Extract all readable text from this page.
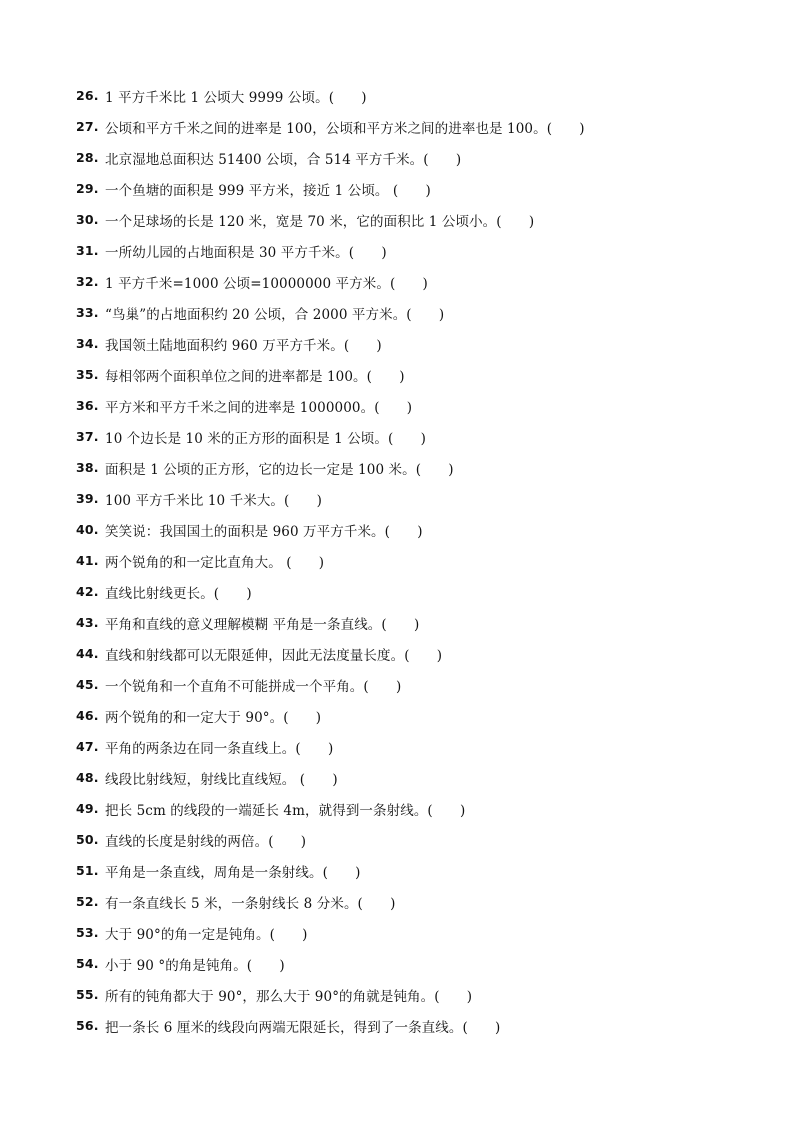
26. 1 平方千米比 1 公顷大 9999 公顷。(　　)
27. 公顷和平方千米之间的进率是 100，公顷和平方米之间的进率也是 100。(　　)
28. 北京湿地总面积达 51400 公顷，合 514 平方千米。(　　)
29. 一个鱼塘的面积是 999 平方米，接近 1 公顷。 (　　)
30. 一个足球场的长是 120 米，宽是 70 米，它的面积比 1 公顷小。(　　)
31. 一所幼儿园的占地面积是 30 平方千米。(　　)
32. 1 平方千米=1000 公顷=10000000 平方米。(　　)
33. “鸟巢”的占地面积约 20 公顷，合 2000 平方米。(　　)
34. 我国领土陆地面积约 960 万平方千米。(　　)
35. 每相邻两个面积单位之间的进率都是 100。(　　)
36. 平方米和平方千米之间的进率是 1000000。(　　)
37. 10 个边长是 10 米的正方形的面积是 1 公顷。(　　)
38. 面积是 1 公顷的正方形，它的边长一定是 100 米。(　　)
39. 100 平方千米比 10 千米大。(　　)
40. 笑笑说：我国国土的面积是 960 万平方千米。(　　)
41. 两个锐角的和一定比直角大。 (　　)
42. 直线比射线更长。(　　)
43. 平角和直线的意义理解模糊 平角是一条直线。(　　)
44. 直线和射线都可以无限延伸，因此无法度量长度。(　　)
45. 一个锐角和一个直角不可能拼成一个平角。(　　)
46. 两个锐角的和一定大于 90°。(　　)
47. 平角的两条边在同一条直线上。(　　)
48. 线段比射线短，射线比直线短。 (　　)
49. 把长 5cm 的线段的一端延长 4m，就得到一条射线。(　　)
50. 直线的长度是射线的两倍。(　　)
51. 平角是一条直线，周角是一条射线。(　　)
52. 有一条直线长 5 米，一条射线长 8 分米。(　　)
53. 大于 90°的角一定是钝角。(　　)
54. 小于 90 °的角是钝角。(　　)
55. 所有的钝角都大于 90°，那么大于 90°的角就是钝角。(　　)
56. 把一条长 6 厘米的线段向两端无限延长，得到了一条直线。(　　)
